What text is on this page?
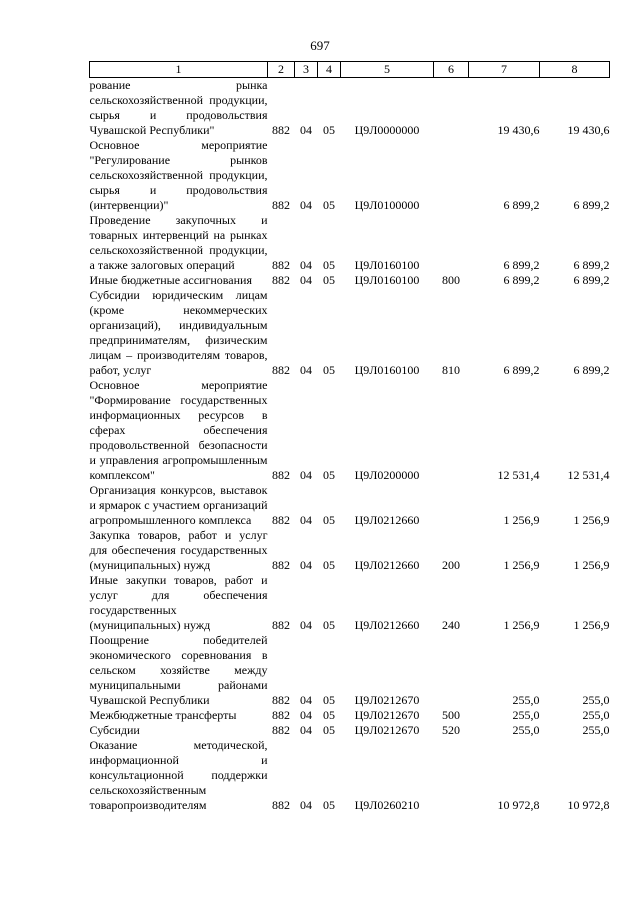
697
1	2	3	4	5	6	7	8
рование рынка сельскохозяйственной продукции, сырья и продовольствия Чувашской Республики"	882	04	05	Ц9Л0000000		19 430,6	19 430,6
Основное мероприятие "Регулирование рынков сельскохозяйственной продукции, сырья и продовольствия (интервенции)"	882	04	05	Ц9Л0100000		6 899,2	6 899,2
Проведение закупочных и товарных интервенций на рынках сельскохозяйственной продукции, а также залоговых операций	882	04	05	Ц9Л0160100		6 899,2	6 899,2
Иные бюджетные ассигнования	882	04	05	Ц9Л0160100	800	6 899,2	6 899,2
Субсидии юридическим лицам (кроме некоммерческих организаций), индивидуальным предпринимателям, физическим лицам – производителям товаров, работ, услуг	882	04	05	Ц9Л0160100	810	6 899,2	6 899,2
Основное мероприятие "Формирование государственных информационных ресурсов в сферах обеспечения продовольственной безопасности и управления агропромышленным комплексом"	882	04	05	Ц9Л0200000		12 531,4	12 531,4
Организация конкурсов, выставок и ярмарок с участием организаций агропромышленного комплекса	882	04	05	Ц9Л0212660		1 256,9	1 256,9
Закупка товаров, работ и услуг для обеспечения государственных (муниципальных) нужд	882	04	05	Ц9Л0212660	200	1 256,9	1 256,9
Иные закупки товаров, работ и услуг для обеспечения государственных (муниципальных) нужд	882	04	05	Ц9Л0212660	240	1 256,9	1 256,9
Поощрение победителей экономического соревнования в сельском хозяйстве между муниципальными районами Чувашской Республики	882	04	05	Ц9Л0212670		255,0	255,0
Межбюджетные трансферты	882	04	05	Ц9Л0212670	500	255,0	255,0
Субсидии	882	04	05	Ц9Л0212670	520	255,0	255,0
Оказание методической, информационной и консультационной поддержки сельскохозяйственным товаропроизводителям	882	04	05	Ц9Л0260210		10 972,8	10 972,8
